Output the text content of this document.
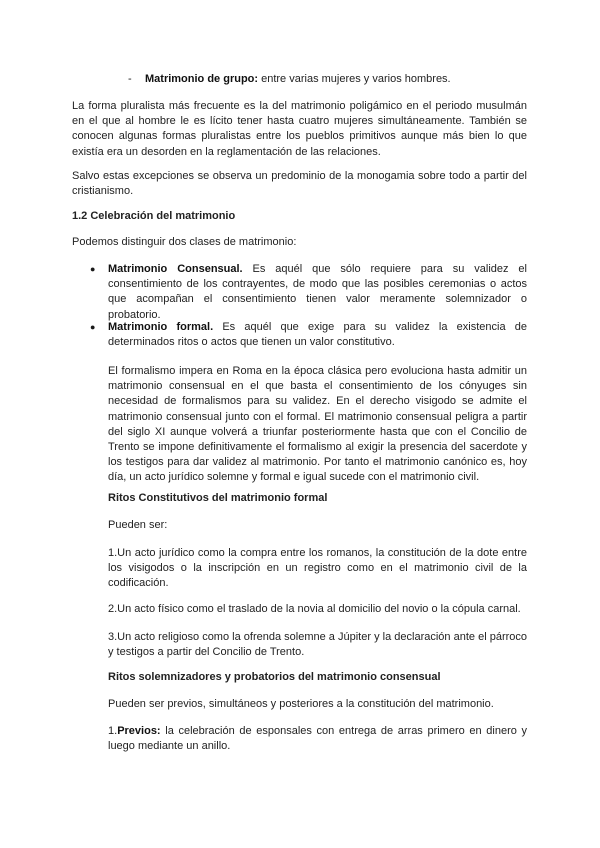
- Matrimonio de grupo: entre varias mujeres y varios hombres.

La forma pluralista más frecuente es la del matrimonio poligámico en el periodo musulmán en el que al hombre le es lícito tener hasta cuatro mujeres simultáneamente. También se conocen algunas formas pluralistas entre los pueblos primitivos aunque más bien lo que existía era un desorden en la reglamentación de las relaciones.

Salvo estas excepciones se observa un predominio de la monogamia sobre todo a partir del cristianismo.

1.2 Celebración del matrimonio

Podemos distinguir dos clases de matrimonio:

● Matrimonio Consensual. Es aquél que sólo requiere para su validez el consentimiento de los contrayentes, de modo que las posibles ceremonias o actos que acompañan el consentimiento tienen valor meramente solemnizador o probatorio.

● Matrimonio formal. Es aquél que exige para su validez la existencia de determinados ritos o actos que tienen un valor constitutivo.

El formalismo impera en Roma en la época clásica pero evoluciona hasta admitir un matrimonio consensual en el que basta el consentimiento de los cónyuges sin necesidad de formalismos para su validez. En el derecho visigodo se admite el matrimonio consensual junto con el formal. El matrimonio consensual peligra a partir del siglo XI aunque volverá a triunfar posteriormente hasta que con el Concilio de Trento se impone definitivamente el formalismo al exigir la presencia del sacerdote y los testigos para dar validez al matrimonio. Por tanto el matrimonio canónico es, hoy día, un acto jurídico solemne y formal e igual sucede con el matrimonio civil.

Ritos Constitutivos del matrimonio formal

Pueden ser:

1.Un acto jurídico como la compra entre los romanos, la constitución de la dote entre los visigodos o la inscripción en un registro como en el matrimonio civil de la codificación.

2.Un acto físico como el traslado de la novia al domicilio del novio o la cópula carnal.

3.Un acto religioso como la ofrenda solemne a Júpiter y la declaración ante el párroco y testigos a partir del Concilio de Trento.

Ritos solemnizadores y probatorios del matrimonio consensual

Pueden ser previos, simultáneos y posteriores a la constitución del matrimonio.

1.Previos: la celebración de esponsales con entrega de arras primero en dinero y luego mediante un anillo.
